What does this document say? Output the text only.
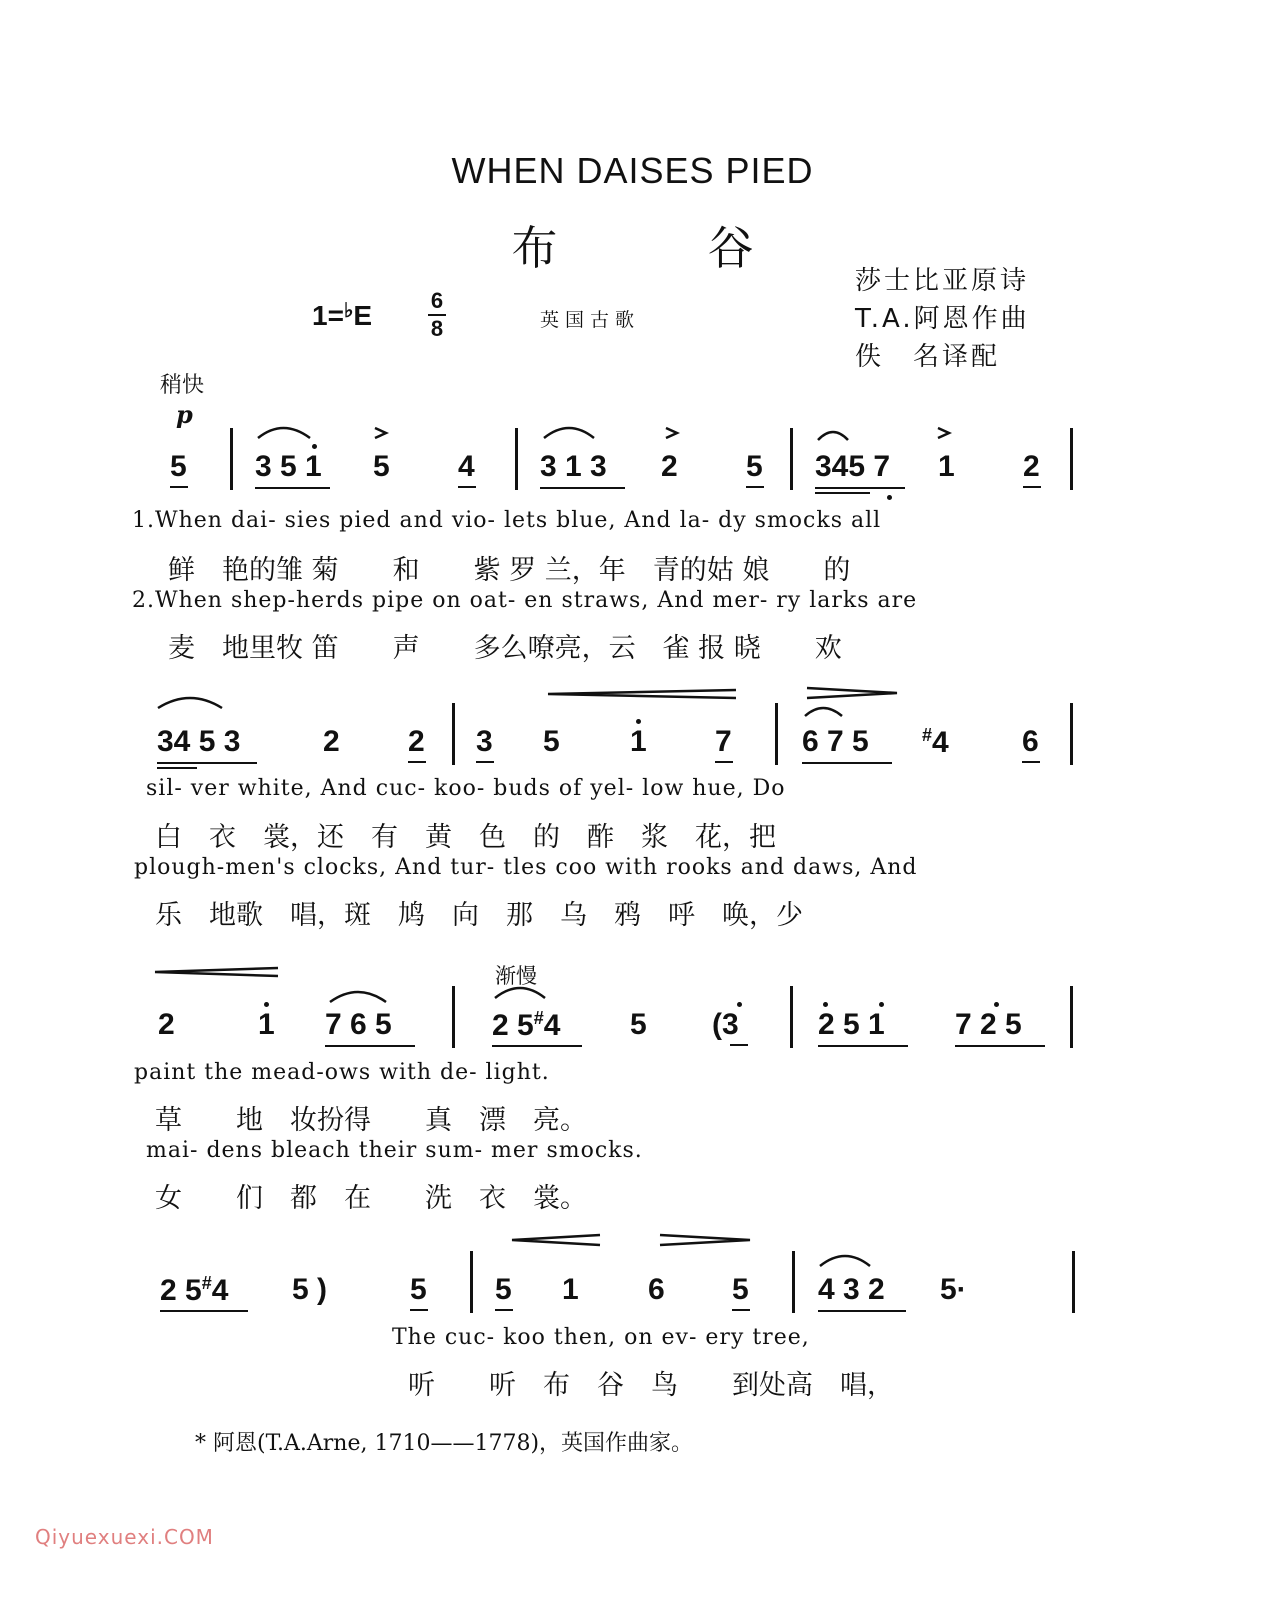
WHEN DAISES PIED
布谷
1=♭E	6
8	英国古歌
莎士比亚原诗
T.A.阿恩作曲
佚　名译配
稍快
p
5 3 5 1 5 4 3 1 3 2 5 345 7 1 2
1.When dai- sies pied and vio- lets blue, And la- dy smocks all
鲜　艳的雏 菊　　和　　紫 罗 兰，年　青的姑 娘　　的
2.When shep-herds pipe on oat- en straws, And mer- ry larks are
麦　地里牧 笛　　声　　多么嘹亮，云　雀 报 晓　　欢
34 5 3	2 2 3 5 1 7 6 7 5	#4 6
sil- ver white, And cuc- koo- buds of yel- low hue, Do
白　衣　裳，还　有　黄　色　的　酢　浆　花，把
plough-men's clocks, And tur- tles coo with rooks and daws, And
乐　地歌　唱，斑　鸠　向　那　乌　鸦　呼　唤，少
渐慢
2	1 7 6 5	2 5#4 5 (3	2 5 1 7 2 5
paint the mead-ows with de- light.
草　　地　妆扮得　　真　漂　亮。
mai- dens bleach their sum- mer smocks.
女　　们　都　在　　洗　衣　裳。
2 5#4 5 )	5 5 1 6 5 4 3 2 5·
The cuc- koo then, on ev- ery tree,
听　　听　布　谷　鸟　　到处高　唱，
* 阿恩(T.A.Arne, 1710——1778)，英国作曲家。
Qiyuexuexi.COM
